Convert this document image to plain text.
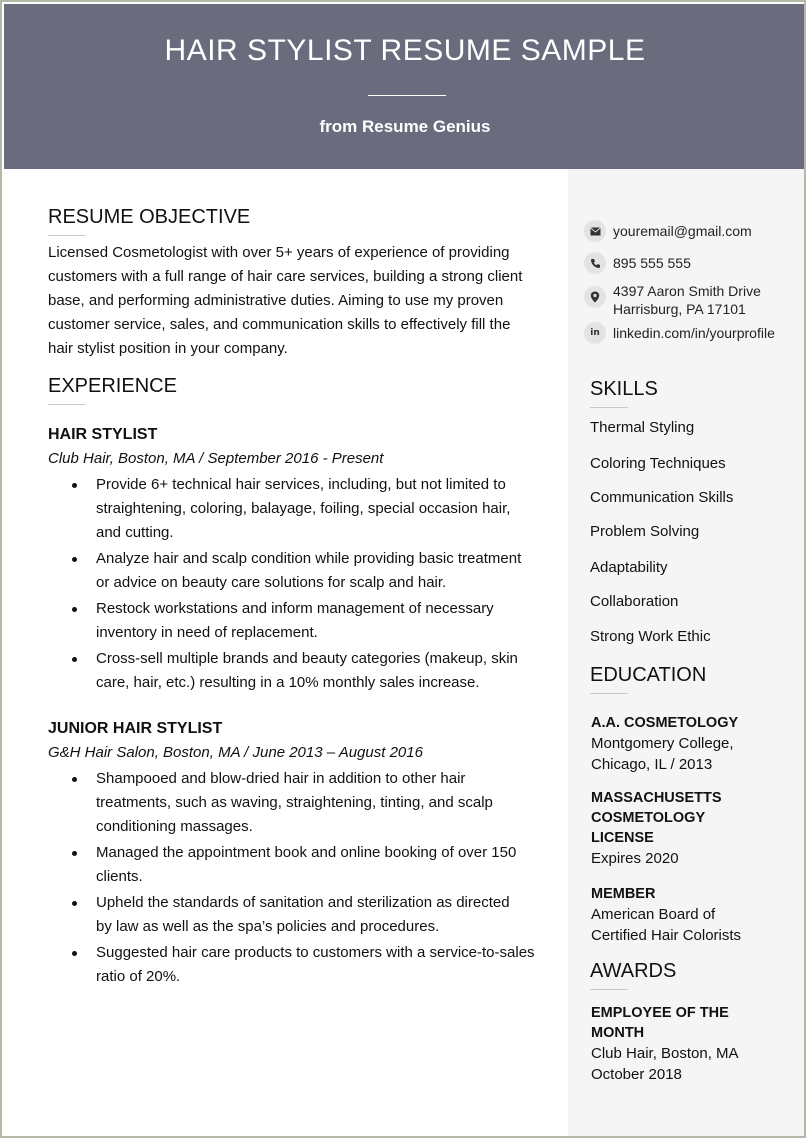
HAIR STYLIST RESUME SAMPLE
from Resume Genius
RESUME OBJECTIVE

Licensed Cosmetologist with over 5+ years of experience of providing
customers with a full range of hair care services, building a strong client
base, and performing administrative duties. Aiming to use my proven
customer service, sales, and communication skills to effectively fill the
hair stylist position in your company.

EXPERIENCE
HAIR STYLIST
Club Hair, Boston, MA / September 2016 - Present
Provide 6+ technical hair services, including, but not limited to
straightening, coloring, balayage, foiling, special occasion hair,
and cutting.
Analyze hair and scalp condition while providing basic treatment
or advice on beauty care solutions for scalp and hair.
Restock workstations and inform management of necessary
inventory in need of replacement.
Cross-sell multiple brands and beauty categories (makeup, skin
care, hair, etc.) resulting in a 10% monthly sales increase.
JUNIOR HAIR STYLIST
G&H Hair Salon, Boston, MA / June 2013 – August 2016
Shampooed and blow-dried hair in addition to other hair
treatments, such as waving, straightening, tinting, and scalp
conditioning massages.
Managed the appointment book and online booking of over 150
clients.
Upheld the standards of sanitation and sterilization as directed
by law as well as the spa’s policies and procedures.
Suggested hair care products to customers with a service-to-sales
ratio of 20%.
youremail@gmail.com
895 555 555
4397 Aaron Smith Drive
Harrisburg, PA 17101
in linkedin.com/in/yourprofile
SKILLS
Thermal Styling
Coloring Techniques
Communication Skills
Problem Solving
Adaptability
Collaboration
Strong Work Ethic
EDUCATION
A.A. COSMETOLOGY
Montgomery College,
Chicago, IL / 2013
MASSACHUSETTS
COSMETOLOGY
LICENSE
Expires 2020
MEMBER
American Board of
Certified Hair Colorists
AWARDS
EMPLOYEE OF THE
MONTH
Club Hair, Boston, MA
October 2018
